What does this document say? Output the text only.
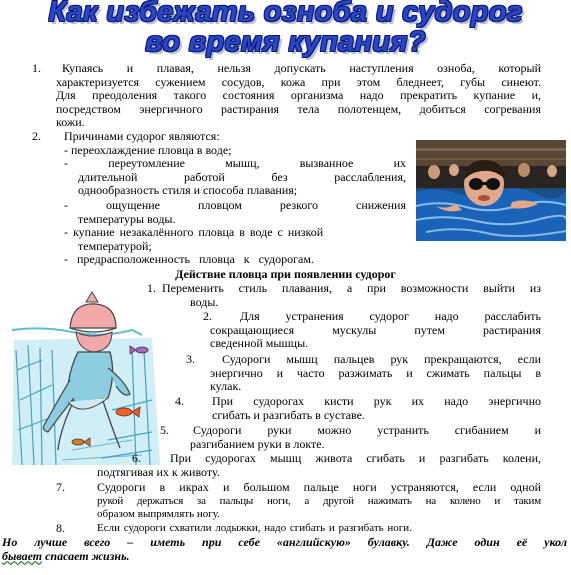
Как избежать озноба и судорог
во время купания?
1. Купаясь и плавая, нельзя допускать наступления озноба, который
характеризуется сужением сосудов, кожа при этом бледнеет, губы синеют.
Для преодоления такого состояния организма надо прекратить купание и,
посредством энергичного растирания тела полотенцем, добиться согревания
кожи.
2. Причинами судорог являются:
- переохлаждение пловца в воде;
- переутомление мышц, вызванное их
длительной работой без расслабления,
однообразность стиля и способа плавания;
- ощущение пловцом резкого снижения
температуры воды.
- купание незакалённого пловца в воде с низкой
температурой;
- предрасположенность пловца к судорогам.
Действие пловца при появлении судорог
1. Переменить стиль плавания, а при возможности выйти из
воды.
2. Для устранения судорог надо расслабить
сокращающиеся мускулы путем растирания
сведенной мышцы.
3. Судороги мышц пальцев рук прекращаются, если
энергично и часто разжимать и сжимать пальцы в
кулак.
4. При судорогах кисти рук их надо энергично
сгибать и разгибать в суставе.
5. Судороги руки можно устранить сгибанием и
разгибанием руки в локте.
6. При судорогах мышц живота сгибать и разгибать колени,
подтягивая их к животу.
7.	Судороги в икрах и большом пальце ноги устраняются, если одной
рукой держаться за пальцы ноги, а другой нажимать на колено и таким
образом выпрямлять ногу.
8.	Если судороги схватили лодыжки, надо сгибать и разгибать ноги.
Но лучше всего – иметь при себе «английскую» булавку. Даже один её укол
бывает спасает жизнь.
